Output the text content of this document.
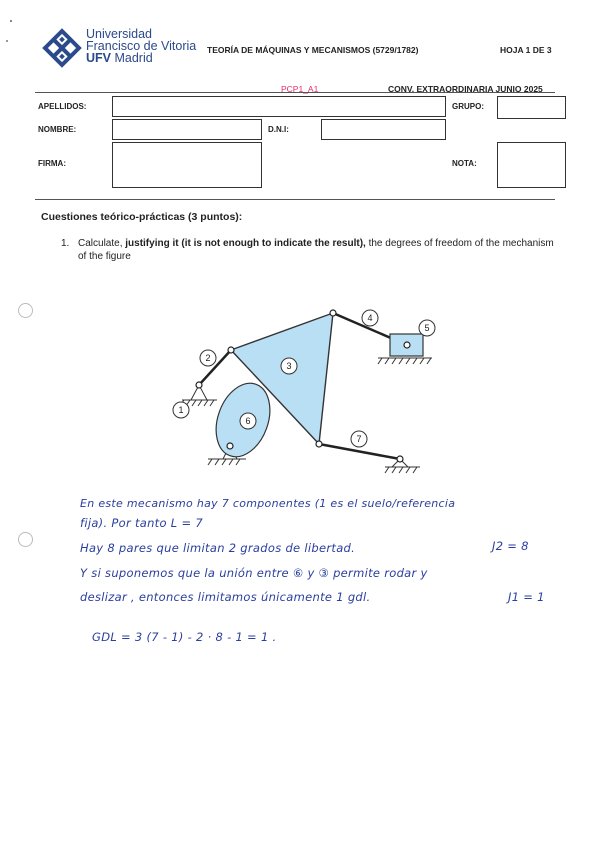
Universidad
Francisco de Vitoria
UFV Madrid
TEORÍA DE MÁQUINAS Y MECANISMOS (5729/1782)	HOJA 1 DE 3
PCP1_A1	CONV. EXTRAORDINARIA JUNIO 2025
APELLIDOS:	GRUPO:
NOMBRE:	D.N.I:
FIRMA:	NOTA:
Cuestiones teórico-prácticas (3 puntos):
1. Calculate, justifying it (it is not enough to indicate the result), the degrees of freedom of the mechanism of the figure
1
2
3
4
5
6
7
En este mecanismo hay 7 componentes (1 es el suelo/referencia
fija). Por tanto L = 7
Hay 8 pares que limitan 2 grados de libertad.	J2 = 8
Y si suponemos que la unión entre ⑥ y ③ permite rodar y
deslizar , entonces limitamos únicamente 1 gdl.	J1 = 1
GDL = 3 (7 - 1) - 2 · 8 - 1 = 1 .
